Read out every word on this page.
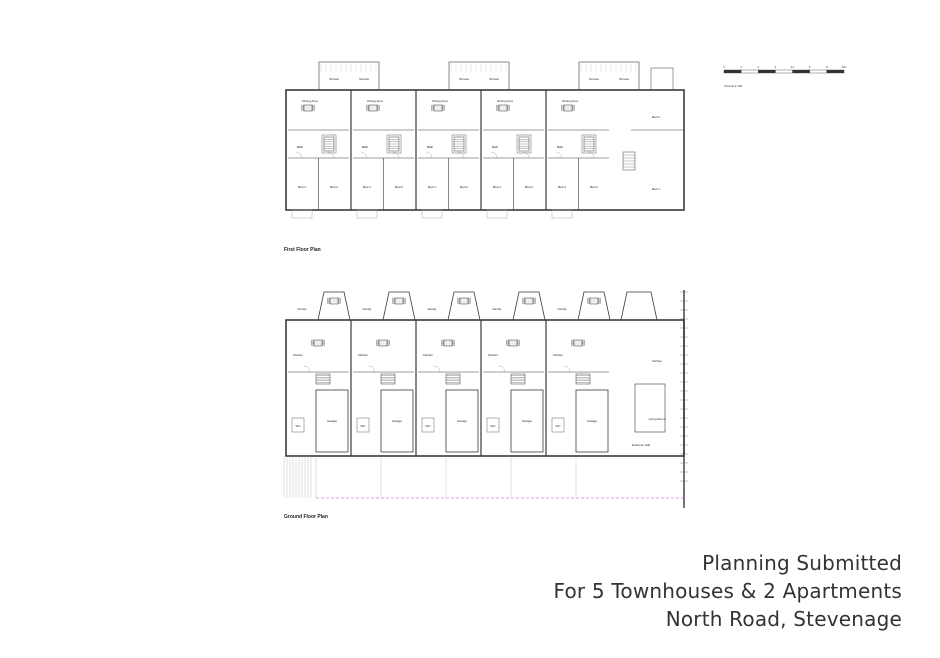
Terrace	Terrace
Dining Area
Bath
Bed 1	Bed 2
Dining Area
Bath
Bed 1	Bed 2
Terrace	Terrace
Dining Area
Bath
Bed 1	Bed 2
Dining Area
Bath
Bed 1	Bed 2
Terrace	Terrace
Dining Area
Bath
Bed 1	Bed 2
Bed 2
Bed 1
Family
Kitchen
Garage
WC
Family
Kitchen
Garage
WC
Family
Kitchen
Garage
WC
Family
Kitchen
Garage
WC
Family
Kitchen
Garage
WC
Kitchen
Living Room
Entrance Hall
0	1	2	3	4m	6	8	10m
First Floor Plan
Ground Floor Plan
SCALE 1:100
Planning Submitted
For 5 Townhouses & 2 Apartments
North Road, Stevenage
